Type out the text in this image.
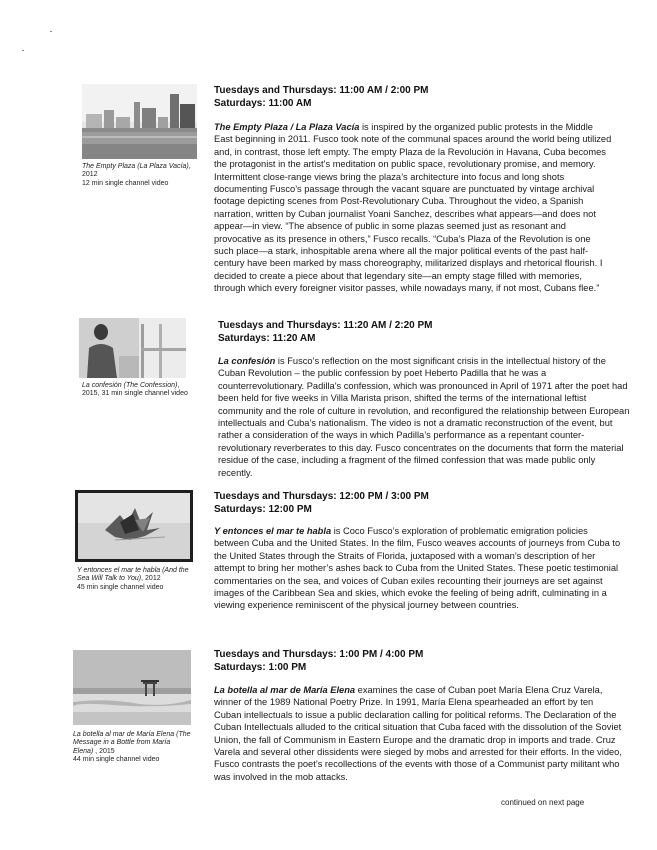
The Empty Plaza (La Plaza Vacía), 2012
12 min single channel video
Tuesdays and Thursdays: 11:00 AM / 2:00 PM
Saturdays: 11:00 AM
The Empty Plaza / La Plaza Vacía is inspired by the organized public protests in the Middle East beginning in 2011. Fusco took note of the communal spaces around the world being utilized and, in contrast, those left empty. The empty Plaza de la Revolución in Havana, Cuba becomes the protagonist in the artist’s meditation on public space, revolutionary promise, and memory. Intermittent close-range views bring the plaza’s architecture into focus and long shots documenting Fusco’s passage through the vacant square are punctuated by vintage archival footage depicting scenes from Post-Revolutionary Cuba. Throughout the video, a Spanish narration, written by Cuban journalist Yoani Sanchez, describes what appears—and does not appear—in view. “The absence of public in some plazas seemed just as resonant and provocative as its presence in others,” Fusco recalls. “Cuba’s Plaza of the Revolution is one such place—a stark, inhospitable arena where all the major political events of the past half-century have been marked by mass choreography, militarized displays and rhetorical flourish. I decided to create a piece about that legendary site—an empty stage filled with memories, through which every foreigner visitor passes, while nowadays many, if not most, Cubans flee.”
La confesión (The Confession),
2015, 31 min single channel video
Tuesdays and Thursdays: 11:20 AM / 2:20 PM
Saturdays: 11:20 AM
La confesión is Fusco’s reflection on the most significant crisis in the intellectual history of the Cuban Revolution – the public confession by poet Heberto Padilla that he was a counterrevolutionary. Padilla’s confession, which was pronounced in April of 1971 after the poet had been held for five weeks in Villa Marista prison, shifted the terms of the international leftist community and the role of culture in revolution, and reconfigured the relationship between European intellectuals and Cuba’s nationalism. The video is not a dramatic reconstruction of the event, but rather a consideration of the ways in which Padilla’s performance as a repentant counter-revolutionary reverberates to this day. Fusco concentrates on the documents that form the material residue of the case, including a fragment of the filmed confession that was made public only recently.
Y entonces el mar te habla (And the Sea Will Talk to You), 2012
45 min single channel video
Tuesdays and Thursdays: 12:00 PM / 3:00 PM
Saturdays: 12:00 PM
Y entonces el mar te habla is Coco Fusco’s exploration of problematic emigration policies between Cuba and the United States. In the film, Fusco weaves accounts of journeys from Cuba to the United States through the Straits of Florida, juxtaposed with a woman’s description of her attempt to bring her mother’s ashes back to Cuba from the United States. These poetic testimonial commentaries on the sea, and voices of Cuban exiles recounting their journeys are set against images of the Caribbean Sea and skies, which evoke the feeling of being adrift, culminating in a viewing experience reminiscent of the physical journey between countries.
La botella al mar de María Elena (The Message in a Bottle from María Elena) , 2015
44 min single channel video
Tuesdays and Thursdays: 1:00 PM / 4:00 PM
Saturdays: 1:00 PM
La botella al mar de María Elena examines the case of Cuban poet María Elena Cruz Varela, winner of the 1989 National Poetry Prize. In 1991, María Elena spearheaded an effort by ten Cuban intellectuals to issue a public declaration calling for political reforms. The Declaration of the Cuban Intellectuals alluded to the critical situation that Cuba faced with the dissolution of the Soviet Union, the fall of Communism in Eastern Europe and the dramatic drop in imports and trade. Cruz Varela and several other dissidents were sieged by mobs and arrested for their efforts. In the video, Fusco contrasts the poet’s recollections of the events with those of a Communist party militant who was involved in the mob attacks.
continued on next page
